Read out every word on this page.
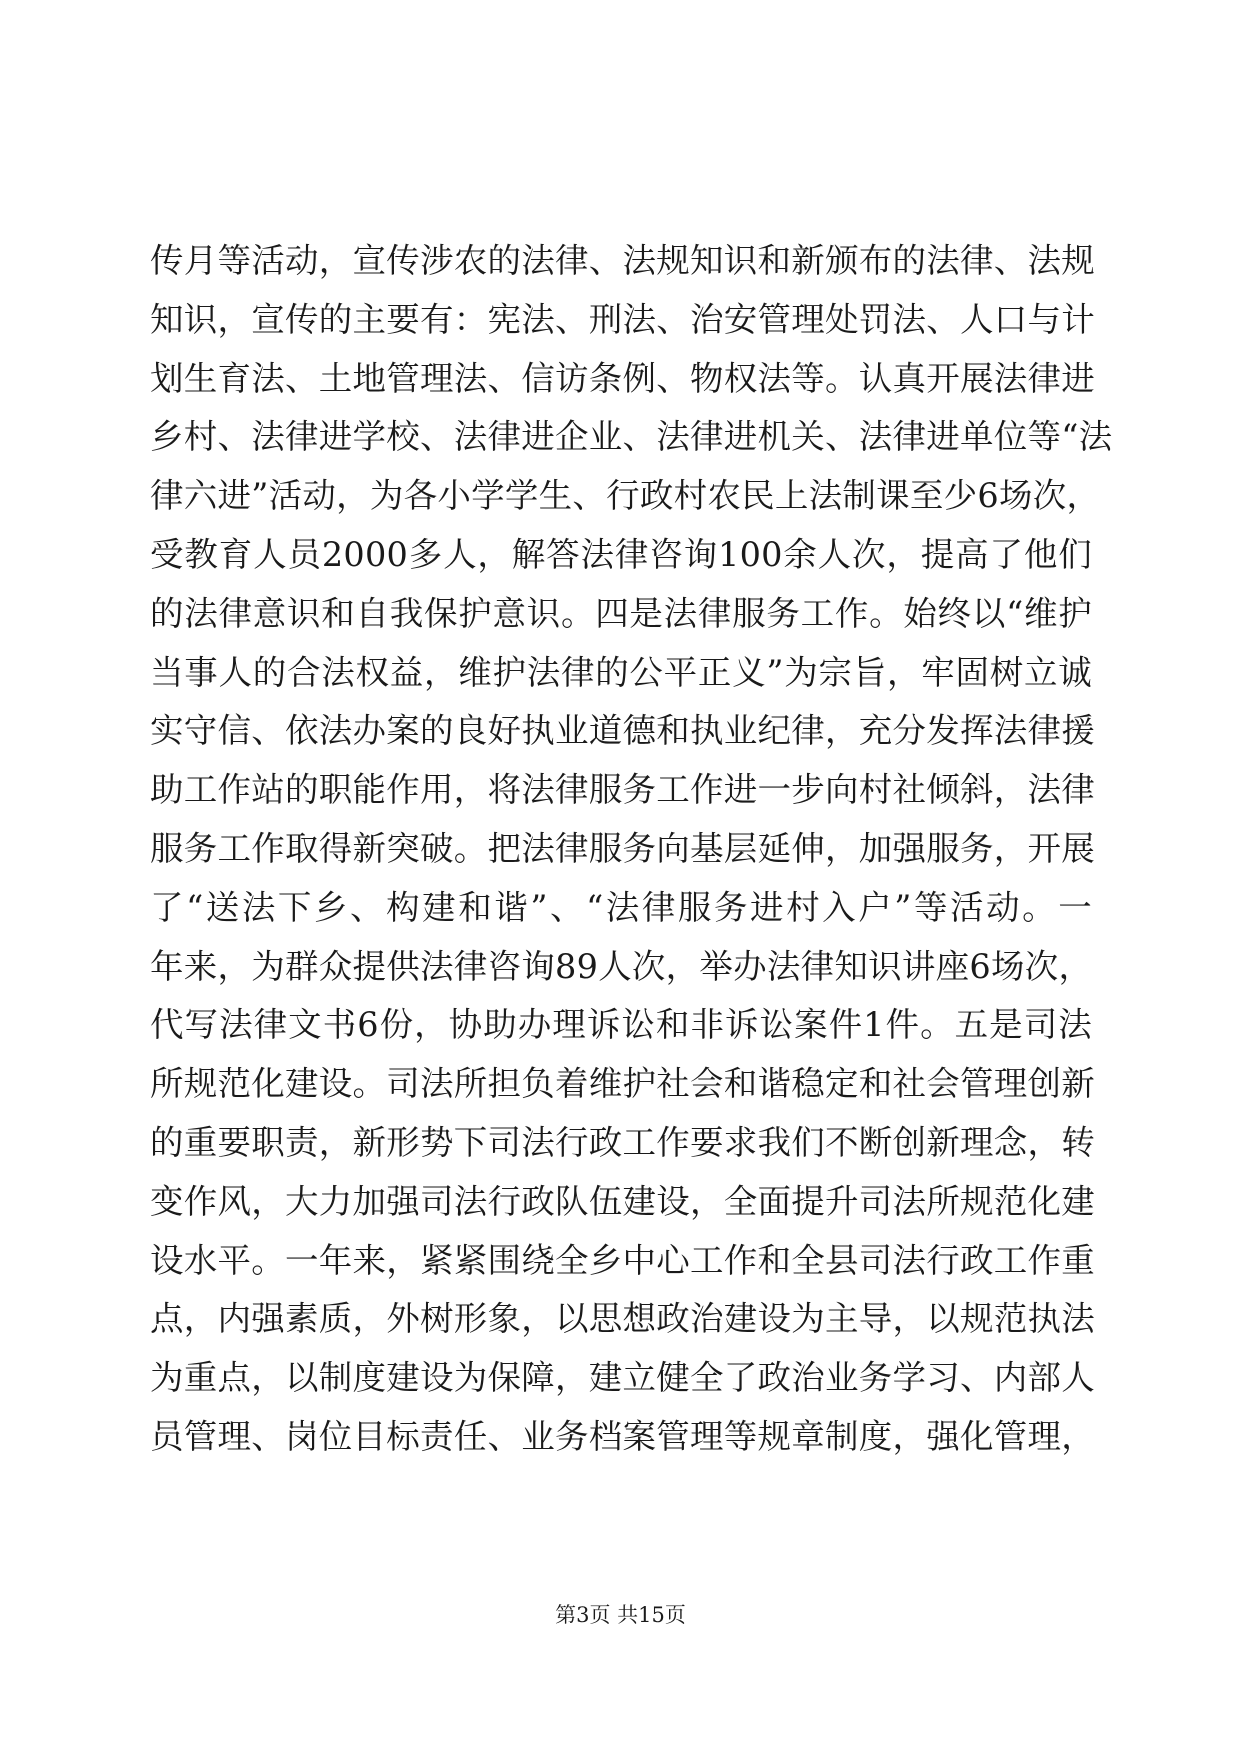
传月等活动，宣传涉农的法律、法规知识和新颁布的法律、法规
知识，宣传的主要有：宪法、刑法、治安管理处罚法、人口与计
划生育法、土地管理法、信访条例、物权法等。认真开展法律进
乡村、法律进学校、法律进企业、法律进机关、法律进单位等“法
律六进”活动，为各小学学生、行政村农民上法制课至少6场次，
受教育人员2000多人，解答法律咨询100余人次，提高了他们
的法律意识和自我保护意识。四是法律服务工作。始终以“维护
当事人的合法权益，维护法律的公平正义”为宗旨，牢固树立诚
实守信、依法办案的良好执业道德和执业纪律，充分发挥法律援
助工作站的职能作用，将法律服务工作进一步向村社倾斜，法律
服务工作取得新突破。把法律服务向基层延伸，加强服务，开展
了“送法下乡、构建和谐”、“法律服务进村入户”等活动。一
年来，为群众提供法律咨询89人次，举办法律知识讲座6场次，
代写法律文书6份，协助办理诉讼和非诉讼案件1件。五是司法
所规范化建设。司法所担负着维护社会和谐稳定和社会管理创新
的重要职责，新形势下司法行政工作要求我们不断创新理念，转
变作风，大力加强司法行政队伍建设，全面提升司法所规范化建
设水平。一年来，紧紧围绕全乡中心工作和全县司法行政工作重
点，内强素质，外树形象，以思想政治建设为主导，以规范执法
为重点，以制度建设为保障，建立健全了政治业务学习、内部人
员管理、岗位目标责任、业务档案管理等规章制度，强化管理，
第3页 共15页
